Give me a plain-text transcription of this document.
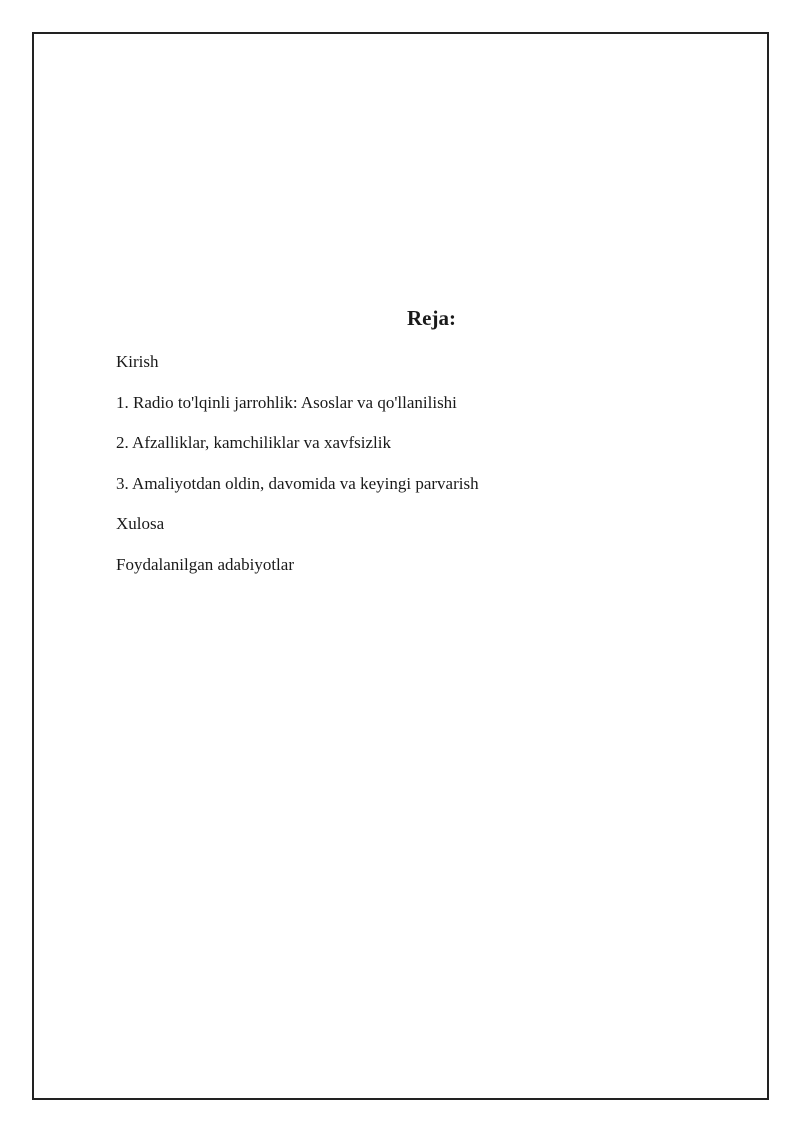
Reja:
Kirish
1. Radio to'lqinli jarrohlik: Asoslar va qo'llanilishi
2. Afzalliklar, kamchiliklar va xavfsizlik
3. Amaliyotdan oldin, davomida va keyingi parvarish
Xulosa
Foydalanilgan adabiyotlar
